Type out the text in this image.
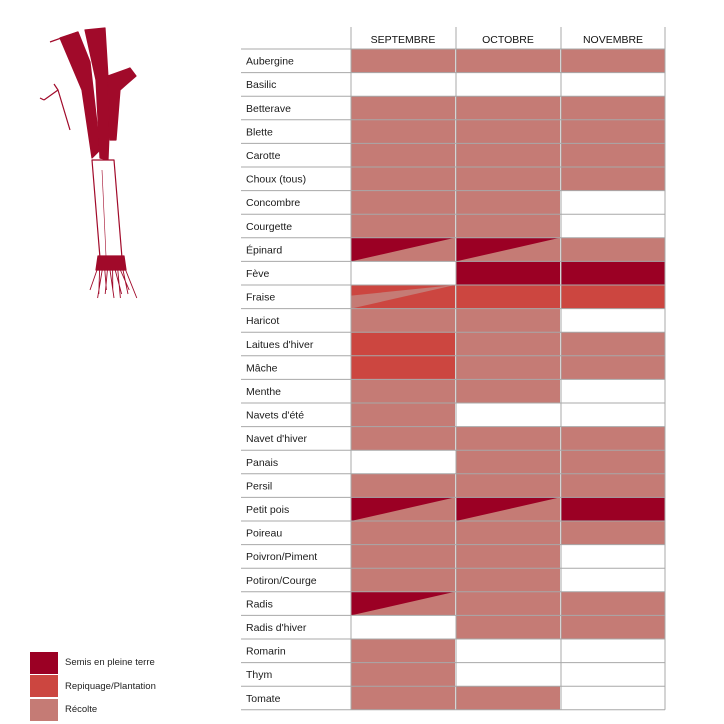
SEPTEMBRE	OCTOBRE	NOVEMBRE
Aubergine
Basilic
Betterave
Blette
Carotte
Choux (tous)
Concombre
Courgette
Épinard
Fève
Fraise
Haricot
Laitues d'hiver
Mâche
Menthe
Navets d'été
Navet d'hiver
Panais
Persil
Petit pois
Poireau
Poivron/Piment
Potiron/Courge
Radis
Radis d'hiver
Romarin
Thym
Tomate
Semis en pleine terre
Repiquage/Plantation
Récolte
